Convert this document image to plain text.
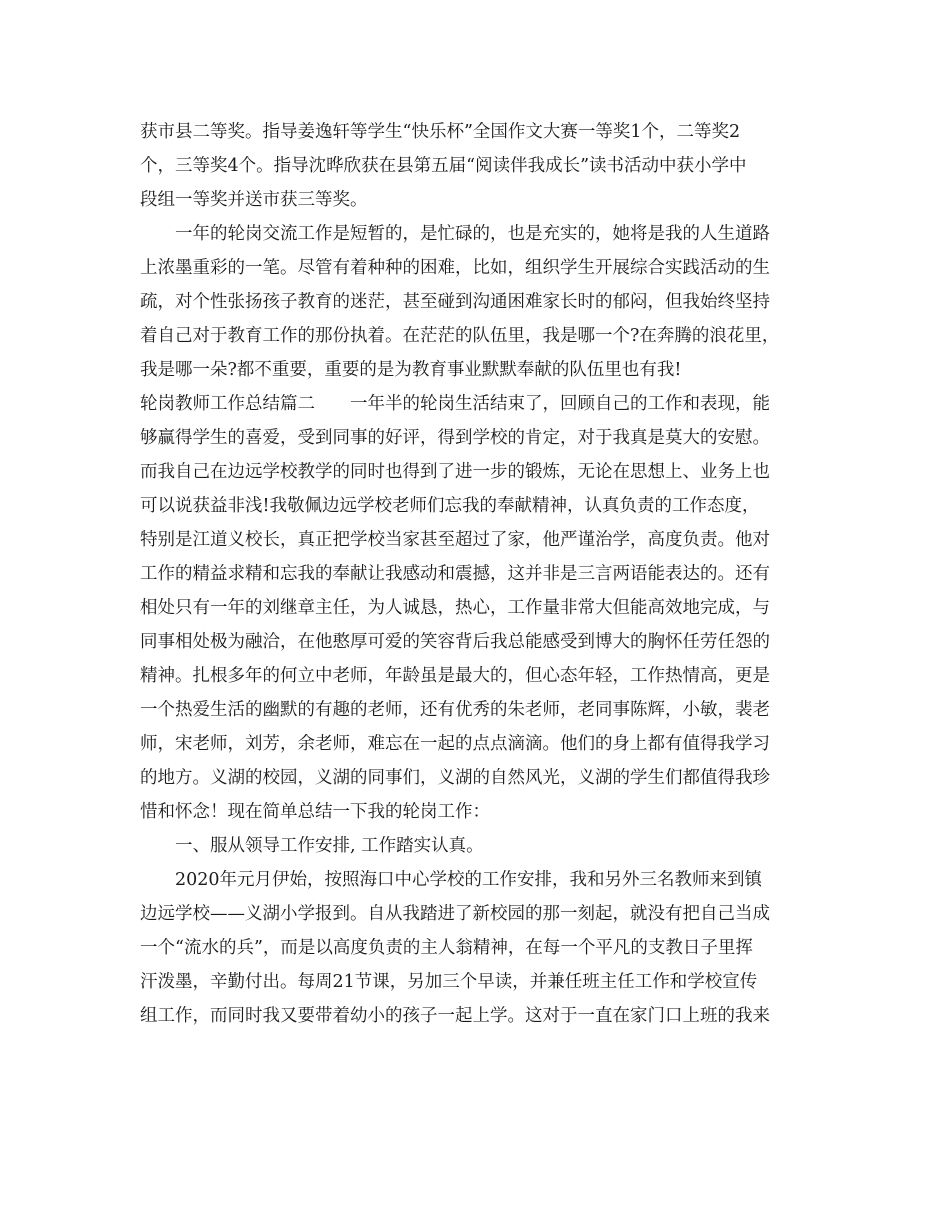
获市县二等奖。指导姜逸轩等学生“快乐杯”全国作文大赛一等奖1个，二等奖2
个，三等奖4个。指导沈晔欣获在县第五届“阅读伴我成长”读书活动中获小学中
段组一等奖并送市获三等奖。
一年的轮岗交流工作是短暂的，是忙碌的，也是充实的，她将是我的人生道路
上浓墨重彩的一笔。尽管有着种种的困难，比如，组织学生开展综合实践活动的生
疏，对个性张扬孩子教育的迷茫，甚至碰到沟通困难家长时的郁闷，但我始终坚持
着自己对于教育工作的那份执着。在茫茫的队伍里，我是哪一个?在奔腾的浪花里，
我是哪一朵?都不重要，重要的是为教育事业默默奉献的队伍里也有我!
轮岗教师工作总结篇二　　一年半的轮岗生活结束了，回顾自己的工作和表现，能
够赢得学生的喜爱，受到同事的好评，得到学校的肯定，对于我真是莫大的安慰。
而我自己在边远学校教学的同时也得到了进一步的锻炼，无论在思想上、业务上也
可以说获益非浅!我敬佩边远学校老师们忘我的奉献精神，认真负责的工作态度，
特别是江道义校长，真正把学校当家甚至超过了家，他严谨治学，高度负责。他对
工作的精益求精和忘我的奉献让我感动和震撼，这并非是三言两语能表达的。还有
相处只有一年的刘继章主任，为人诚恳，热心，工作量非常大但能高效地完成，与
同事相处极为融洽，在他憨厚可爱的笑容背后我总能感受到博大的胸怀任劳任怨的
精神。扎根多年的何立中老师，年龄虽是最大的，但心态年轻，工作热情高，更是
一个热爱生活的幽默的有趣的老师，还有优秀的朱老师，老同事陈辉，小敏，裴老
师，宋老师，刘芳，余老师，难忘在一起的点点滴滴。他们的身上都有值得我学习
的地方。义湖的校园，义湖的同事们，义湖的自然风光，义湖的学生们都值得我珍
惜和怀念！现在简单总结一下我的轮岗工作：
一、服从领导工作安排, 工作踏实认真。
2020年元月伊始，按照海口中心学校的工作安排，我和另外三名教师来到镇
边远学校——义湖小学报到。自从我踏进了新校园的那一刻起，就没有把自己当成
一个“流水的兵”，而是以高度负责的主人翁精神，在每一个平凡的支教日子里挥
汗泼墨，辛勤付出。每周21节课，另加三个早读，并兼任班主任工作和学校宣传
组工作，而同时我又要带着幼小的孩子一起上学。这对于一直在家门口上班的我来
